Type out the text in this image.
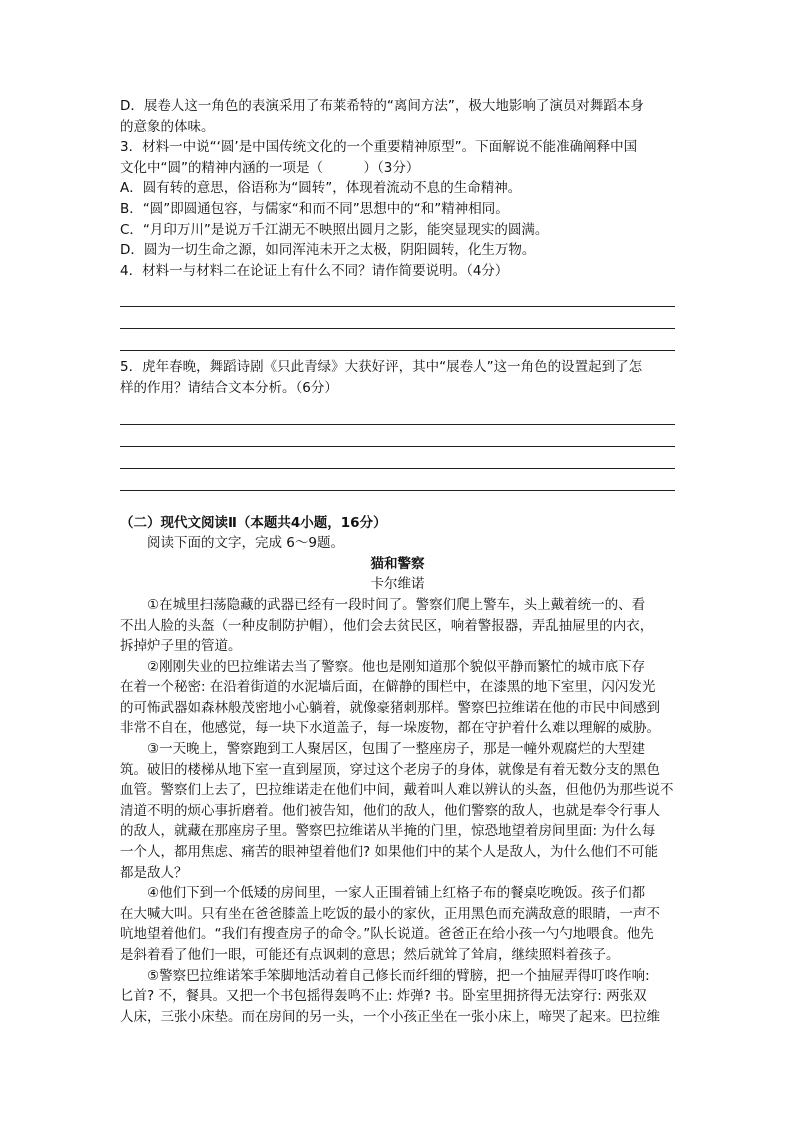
D．展卷人这一角色的表演采用了布莱希特的“离间方法”，极大地影响了演员对舞蹈本身

的意象的体味。

3．材料一中说“‘圆’是中国传统文化的一个重要精神原型”。下面解说不能准确阐释中国

文化中“圆”的精神内涵的一项是（　　　）（3分）

A．圆有转的意思，俗语称为“圆转”，体现着流动不息的生命精神。

B．“圆”即圆通包容，与儒家“和而不同”思想中的“和”精神相同。

C．“月印万川”是说万千江湖无不映照出圆月之影，能突显现实的圆满。

D．圆为一切生命之源，如同浑沌未开之太极，阴阳圆转，化生万物。

4．材料一与材料二在论证上有什么不同？请作简要说明。（4分）

5．虎年春晚，舞蹈诗剧《只此青绿》大获好评，其中“展卷人”这一角色的设置起到了怎

样的作用？请结合文本分析。（6分）

（二）现代文阅读Ⅱ（本题共4小题，16分）

阅读下面的文字，完成 6～9题。

猫和警察

卡尔维诺

①在城里扫荡隐藏的武器已经有一段时间了。警察们爬上警车，头上戴着统一的、看

不出人脸的头盔（一种皮制防护帽），他们会去贫民区，响着警报器，弄乱抽屉里的内衣，

拆掉炉子里的管道。

②刚刚失业的巴拉维诺去当了警察。他也是刚知道那个貌似平静而繁忙的城市底下存

在着一个秘密: 在沿着街道的水泥墙后面，在僻静的围栏中，在漆黑的地下室里，闪闪发光

的可怖武器如森林般茂密地小心躺着，就像豪猪刺那样。警察巴拉维诺在他的市民中间感到

非常不自在，他感觉，每一块下水道盖子，每一垛废物，都在守护着什么难以理解的威胁。

③一天晚上，警察跑到工人聚居区，包围了一整座房子，那是一幢外观腐烂的大型建

筑。破旧的楼梯从地下室一直到屋顶，穿过这个老房子的身体，就像是有着无数分支的黑色

血管。警察们上去了，巴拉维诺走在他们中间，戴着叫人难以辨认的头盔，但他仍为那些说不

清道不明的烦心事折磨着。他们被告知，他们的敌人，他们警察的敌人，也就是奉令行事人

的敌人，就藏在那座房子里。警察巴拉维诺从半掩的门里，惊恐地望着房间里面: 为什么每

一个人，都用焦虑、痛苦的眼神望着他们? 如果他们中的某个人是敌人，为什么他们不可能

都是敌人？

④他们下到一个低矮的房间里，一家人正围着铺上红格子布的餐桌吃晚饭。孩子们都

在大喊大叫。只有坐在爸爸膝盖上吃饭的最小的家伙，正用黑色而充满敌意的眼睛，一声不

吭地望着他们。“我们有搜查房子的命令。”队长说道。爸爸正在给小孩一勺勺地喂食。他先

是斜着看了他们一眼，可能还有点讽刺的意思；然后就耸了耸肩，继续照料着孩子。

⑤警察巴拉维诺笨手笨脚地活动着自己修长而纤细的臂膀，把一个抽屉弄得叮咚作响:

匕首? 不，餐具。又把一个书包摇得轰鸣不止: 炸弹? 书。卧室里拥挤得无法穿行: 两张双

人床，三张小床垫。而在房间的另一头，一个小孩正坐在一张小床上，啼哭了起来。巴拉维
